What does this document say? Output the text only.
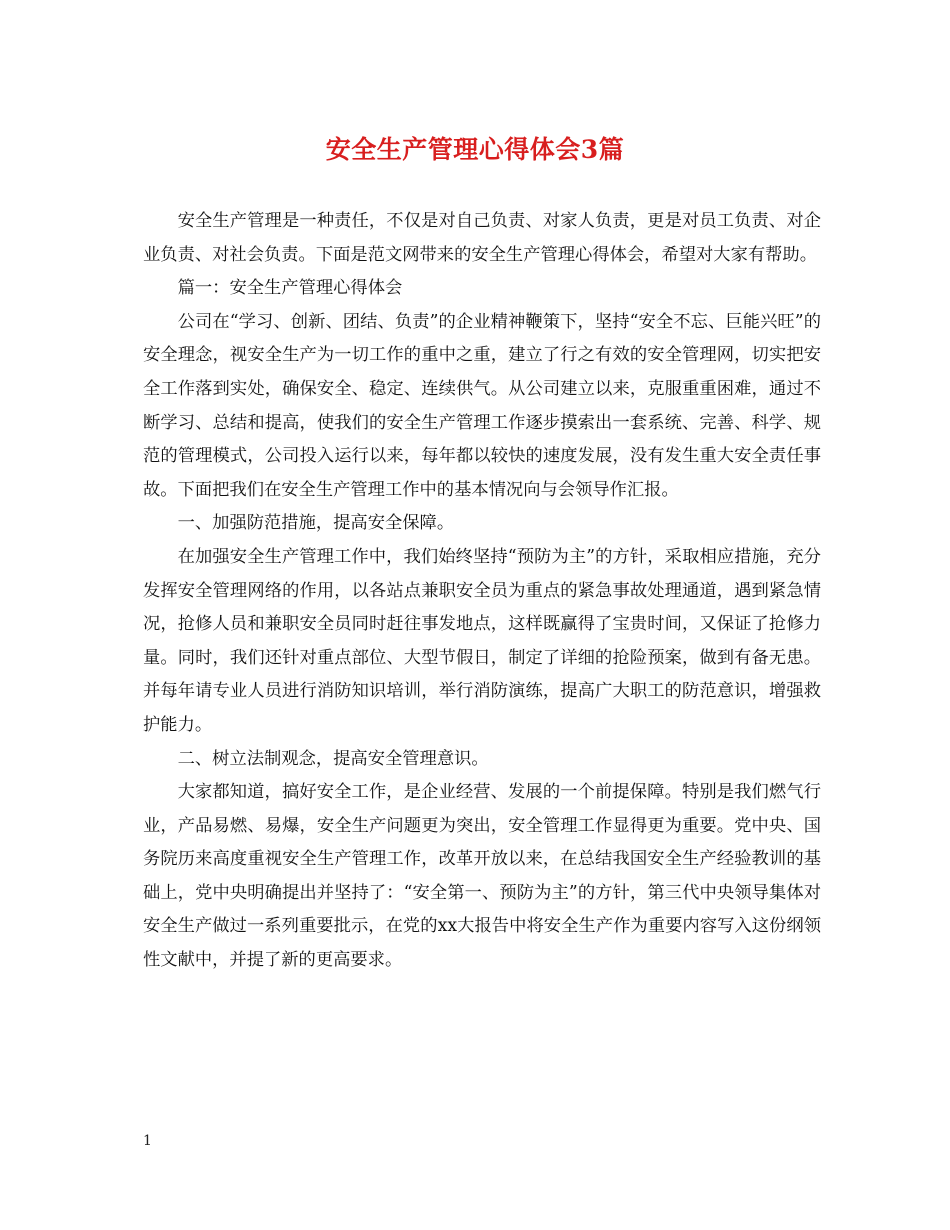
安全生产管理心得体会3篇

安全生产管理是一种责任，不仅是对自己负责、对家人负责，更是对员工负责、对企业负责、对社会负责。下面是范文网带来的安全生产管理心得体会，希望对大家有帮助。

篇一：安全生产管理心得体会

公司在“学习、创新、团结、负责”的企业精神鞭策下，坚持“安全不忘、巨能兴旺”的安全理念，视安全生产为一切工作的重中之重，建立了行之有效的安全管理网，切实把安全工作落到实处，确保安全、稳定、连续供气。从公司建立以来，克服重重困难，通过不断学习、总结和提高，使我们的安全生产管理工作逐步摸索出一套系统、完善、科学、规范的管理模式，公司投入运行以来，每年都以较快的速度发展，没有发生重大安全责任事故。下面把我们在安全生产管理工作中的基本情况向与会领导作汇报。

一、加强防范措施，提高安全保障。

在加强安全生产管理工作中，我们始终坚持“预防为主”的方针，采取相应措施，充分发挥安全管理网络的作用，以各站点兼职安全员为重点的紧急事故处理通道，遇到紧急情况，抢修人员和兼职安全员同时赶往事发地点，这样既赢得了宝贵时间，又保证了抢修力量。同时，我们还针对重点部位、大型节假日，制定了详细的抢险预案，做到有备无患。并每年请专业人员进行消防知识培训，举行消防演练，提高广大职工的防范意识，增强救护能力。

二、树立法制观念，提高安全管理意识。

大家都知道，搞好安全工作，是企业经营、发展的一个前提保障。特别是我们燃气行业，产品易燃、易爆，安全生产问题更为突出，安全管理工作显得更为重要。党中央、国务院历来高度重视安全生产管理工作，改革开放以来，在总结我国安全生产经验教训的基础上，党中央明确提出并坚持了：“安全第一、预防为主”的方针，第三代中央领导集体对安全生产做过一系列重要批示，在党的xx大报告中将安全生产作为重要内容写入这份纲领性文献中，并提了新的更高要求。

1
